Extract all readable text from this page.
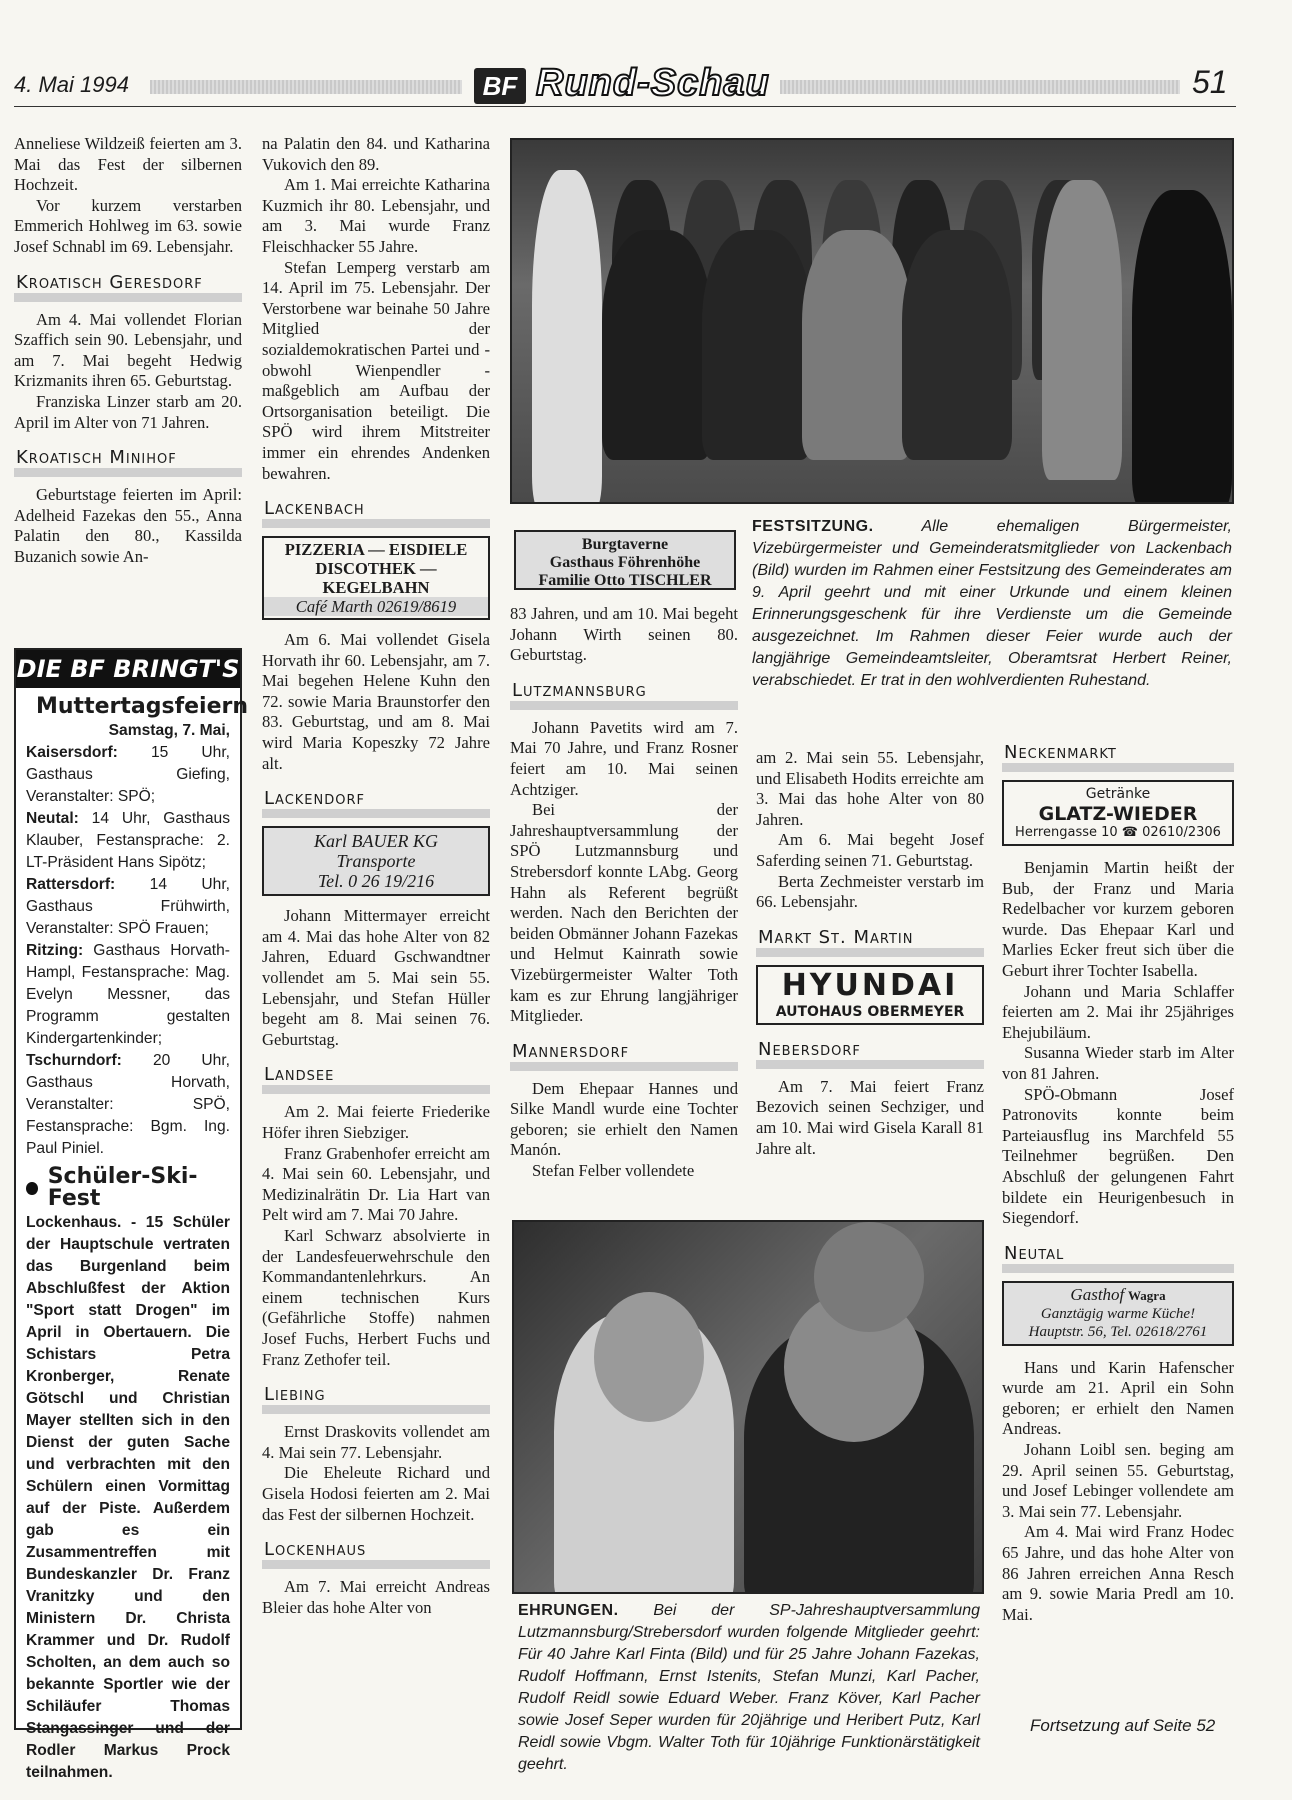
4. Mai 1994	BF Rund-Schau	51

Anneliese Wildzeiß feierten am 3. Mai das Fest der silbernen Hochzeit.

Vor kurzem verstarben Emmerich Hohlweg im 63. sowie Josef Schnabl im 69. Lebensjahr.

Kroatisch Geresdorf

Am 4. Mai vollendet Florian Szaffich sein 90. Lebensjahr, und am 7. Mai begeht Hedwig Krizmanits ihren 65. Geburtstag.

Franziska Linzer starb am 20. April im Alter von 71 Jahren.

Kroatisch Minihof

Geburtstage feierten im April: Adelheid Fazekas den 55., Anna Palatin den 80., Kassilda Buzanich sowie An-

DIE BF BRINGT'S
Muttertagsfeiern
Samstag, 7. Mai,
Kaisersdorf: 15 Uhr, Gasthaus Giefing, Veranstalter: SPÖ;
Neutal: 14 Uhr, Gasthaus Klauber, Festansprache: 2. LT-Präsident Hans Sipötz;
Rattersdorf: 14 Uhr, Gasthaus Frühwirth, Veranstalter: SPÖ Frauen;
Ritzing: Gasthaus Horvath-Hampl, Festansprache: Mag. Evelyn Messner, das Programm gestalten Kindergartenkinder;
Tschurndorf: 20 Uhr, Gasthaus Horvath, Veranstalter: SPÖ, Festansprache: Bgm. Ing. Paul Piniel.
Schüler-Ski-Fest
Lockenhaus. - 15 Schüler der Hauptschule vertraten das Burgenland beim Abschlußfest der Aktion "Sport statt Drogen" im April in Obertauern. Die Schistars Petra Kronberger, Renate Götschl und Christian Mayer stellten sich in den Dienst der guten Sache und verbrachten mit den Schülern einen Vormittag auf der Piste. Außerdem gab es ein Zusammentreffen mit Bundeskanzler Dr. Franz Vranitzky und den Ministern Dr. Christa Krammer und Dr. Rudolf Scholten, an dem auch so bekannte Sportler wie der Schiläufer Thomas Stangassinger und der Rodler Markus Prock teilnahmen.

na Palatin den 84. und Katharina Vukovich den 89.

Am 1. Mai erreichte Katharina Kuzmich ihr 80. Lebensjahr, und am 3. Mai wurde Franz Fleischhacker 55 Jahre.

Stefan Lemperg verstarb am 14. April im 75. Lebensjahr. Der Verstorbene war beinahe 50 Jahre Mitglied der sozialdemokratischen Partei und - obwohl Wienpendler - maßgeblich am Aufbau der Ortsorganisation beteiligt. Die SPÖ wird ihrem Mitstreiter immer ein ehrendes Andenken bewahren.

Lackenbach
PIZZERIA — EISDIELE
DISCOTHEK — KEGELBAHN
Café Marth 02619/8619

Am 6. Mai vollendet Gisela Horvath ihr 60. Lebensjahr, am 7. Mai begehen Helene Kuhn den 72. sowie Maria Braunstorfer den 83. Geburtstag, und am 8. Mai wird Maria Kopeszky 72 Jahre alt.

Lackendorf
Karl BAUER KG
Transporte
Tel. 0 26 19/216

Johann Mittermayer erreicht am 4. Mai das hohe Alter von 82 Jahren, Eduard Gschwandtner vollendet am 5. Mai sein 55. Lebensjahr, und Stefan Hüller begeht am 8. Mai seinen 76. Geburtstag.

Landsee

Am 2. Mai feierte Friederike Höfer ihren Siebziger.

Franz Grabenhofer erreicht am 4. Mai sein 60. Lebensjahr, und Medizinalrätin Dr. Lia Hart van Pelt wird am 7. Mai 70 Jahre.

Karl Schwarz absolvierte in der Landesfeuerwehrschule den Kommandantenlehrkurs. An einem technischen Kurs (Gefährliche Stoffe) nahmen Josef Fuchs, Herbert Fuchs und Franz Zethofer teil.

Liebing

Ernst Draskovits vollendet am 4. Mai sein 77. Lebensjahr.

Die Eheleute Richard und Gisela Hodosi feierten am 2. Mai das Fest der silbernen Hochzeit.

Lockenhaus

Am 7. Mai erreicht Andreas Bleier das hohe Alter von

Burgtaverne
Gasthaus Föhrenhöhe
Familie Otto TISCHLER

83 Jahren, und am 10. Mai begeht Johann Wirth seinen 80. Geburtstag.

Lutzmannsburg

Johann Pavetits wird am 7. Mai 70 Jahre, und Franz Rosner feiert am 10. Mai seinen Achtziger.

Bei der Jahreshauptversammlung der SPÖ Lutzmannsburg und Strebersdorf konnte LAbg. Georg Hahn als Referent begrüßt werden. Nach den Berichten der beiden Obmänner Johann Fazekas und Helmut Kainrath sowie Vizebürgermeister Walter Toth kam es zur Ehrung langjähriger Mitglieder.

Mannersdorf

Dem Ehepaar Hannes und Silke Mandl wurde eine Tochter geboren; sie erhielt den Namen Manón.

Stefan Felber vollendete

FESTSITZUNG. Alle ehemaligen Bürgermeister, Vizebürgermeister und Gemeinderatsmitglieder von Lackenbach (Bild) wurden im Rahmen einer Festsitzung des Gemeinderates am 9. April geehrt und mit einer Urkunde und einem kleinen Erinnerungsgeschenk für ihre Verdienste um die Gemeinde ausgezeichnet. Im Rahmen dieser Feier wurde auch der langjährige Gemeindeamtsleiter, Oberamtsrat Herbert Reiner, verabschiedet. Er trat in den wohlverdienten Ruhestand.

am 2. Mai sein 55. Lebensjahr, und Elisabeth Hodits erreichte am 3. Mai das hohe Alter von 80 Jahren.

Am 6. Mai begeht Josef Saferding seinen 71. Geburtstag.

Berta Zechmeister verstarb im 66. Lebensjahr.

Markt St. Martin
HYUNDAI
AUTOHAUS OBERMEYER
Nebersdorf

Am 7. Mai feiert Franz Bezovich seinen Sechziger, und am 10. Mai wird Gisela Karall 81 Jahre alt.

EHRUNGEN. Bei der SP-Jahreshauptversammlung Lutzmannsburg/Strebersdorf wurden folgende Mitglieder geehrt: Für 40 Jahre Karl Finta (Bild) und für 25 Jahre Johann Fazekas, Rudolf Hoffmann, Ernst Istenits, Stefan Munzi, Karl Pacher, Rudolf Reidl sowie Eduard Weber. Franz Köver, Karl Pacher sowie Josef Seper wurden für 20jährige und Heribert Putz, Karl Reidl sowie Vbgm. Walter Toth für 10jährige Funktionärstätigkeit geehrt.
Neckenmarkt
Getränke
GLATZ-WIEDER
Herrengasse 10 ☎ 02610/2306

Benjamin Martin heißt der Bub, der Franz und Maria Redelbacher vor kurzem geboren wurde. Das Ehepaar Karl und Marlies Ecker freut sich über die Geburt ihrer Tochter Isabella.

Johann und Maria Schlaffer feierten am 2. Mai ihr 25jähriges Ehejubiläum.

Susanna Wieder starb im Alter von 81 Jahren.

SPÖ-Obmann Josef Patronovits konnte beim Parteiausflug ins Marchfeld 55 Teilnehmer begrüßen. Den Abschluß der gelungenen Fahrt bildete ein Heurigenbesuch in Siegendorf.

Neutal
Gasthof Wagra
Ganztägig warme Küche!
Hauptstr. 56, Tel. 02618/2761

Hans und Karin Hafenscher wurde am 21. April ein Sohn geboren; er erhielt den Namen Andreas.

Johann Loibl sen. beging am 29. April seinen 55. Geburtstag, und Josef Lebinger vollendete am 3. Mai sein 77. Lebensjahr.

Am 4. Mai wird Franz Hodec 65 Jahre, und das hohe Alter von 86 Jahren erreichen Anna Resch am 9. sowie Maria Predl am 10. Mai.

Fortsetzung auf Seite 52
